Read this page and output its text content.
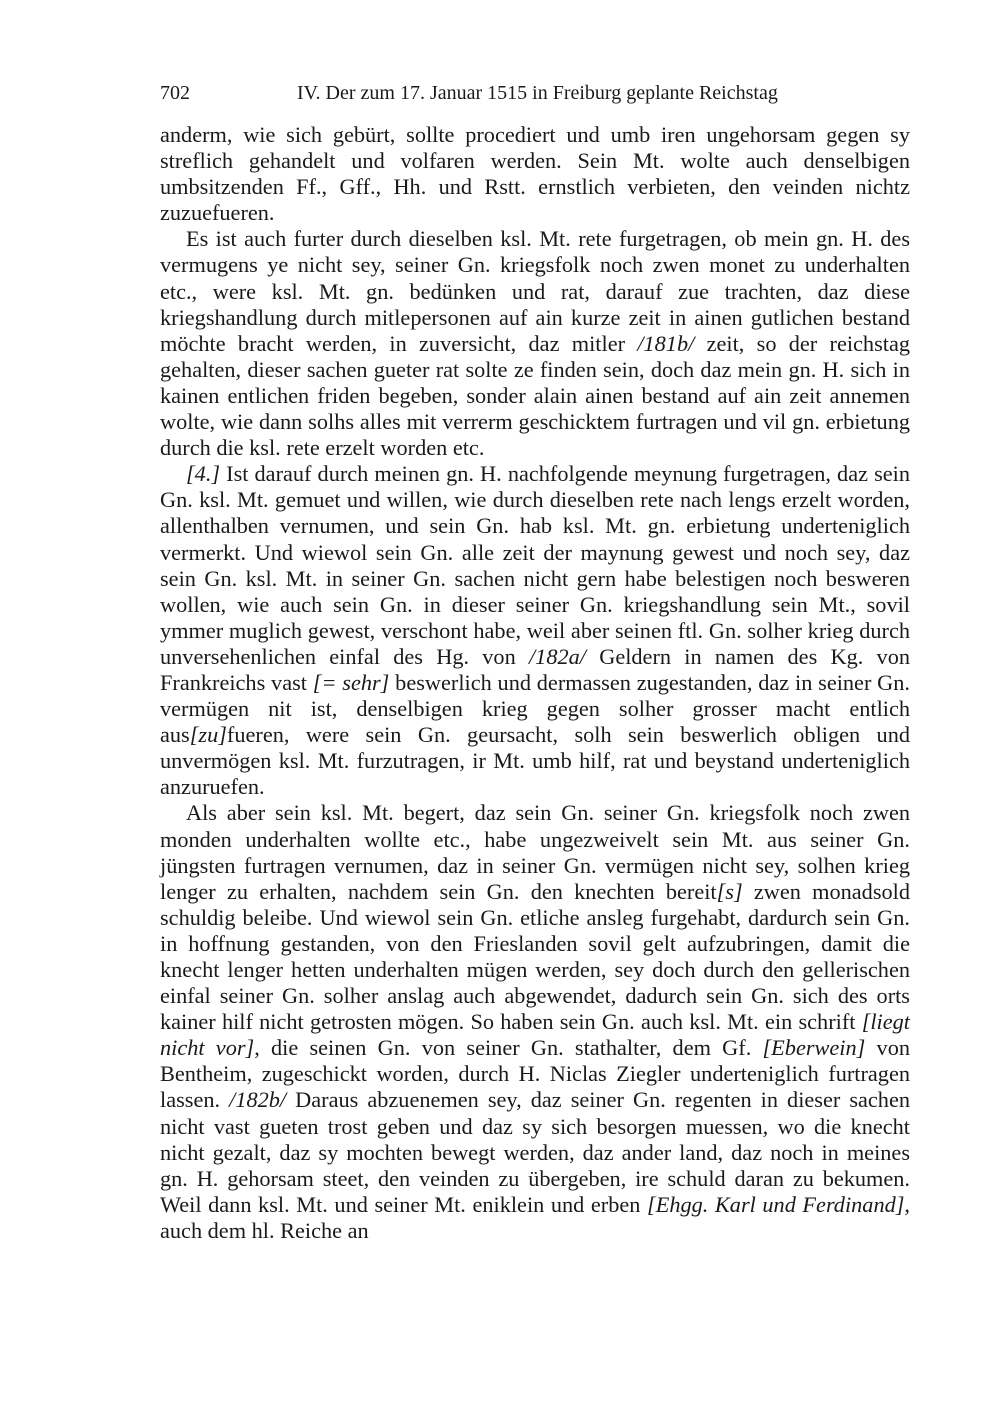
702	IV. Der zum 17. Januar 1515 in Freiburg geplante Reichstag

anderm, wie sich gebürt, sollte procediert und umb iren ungehorsam gegen sy streflich gehandelt und volfaren werden. Sein Mt. wolte auch denselbigen umbsitzenden Ff., Gff., Hh. und Rstt. ernstlich verbieten, den veinden nichtz zuzuefueren.

Es ist auch furter durch dieselben ksl. Mt. rete furgetragen, ob mein gn. H. des vermugens ye nicht sey, seiner Gn. kriegsfolk noch zwen monet zu underhalten etc., were ksl. Mt. gn. bedünken und rat, darauf zue trachten, daz diese kriegshandlung durch mitlepersonen auf ain kurze zeit in ainen gutlichen bestand möchte bracht werden, in zuversicht, daz mitler /181b/ zeit, so der reichstag gehalten, dieser sachen gueter rat solte ze finden sein, doch daz mein gn. H. sich in kainen entlichen friden begeben, sonder alain ainen bestand auf ain zeit annemen wolte, wie dann solhs alles mit verrerm geschicktem furtragen und vil gn. erbietung durch die ksl. rete erzelt worden etc.

[4.] Ist darauf durch meinen gn. H. nachfolgende meynung furgetragen, daz sein Gn. ksl. Mt. gemuet und willen, wie durch dieselben rete nach lengs erzelt worden, allenthalben vernumen, und sein Gn. hab ksl. Mt. gn. erbietung underteniglich vermerkt. Und wiewol sein Gn. alle zeit der maynung gewest und noch sey, daz sein Gn. ksl. Mt. in seiner Gn. sachen nicht gern habe belestigen noch besweren wollen, wie auch sein Gn. in dieser seiner Gn. kriegshandlung sein Mt., sovil ymmer muglich gewest, verschont habe, weil aber seinen ftl. Gn. solher krieg durch unversehenlichen einfal des Hg. von /182a/ Geldern in namen des Kg. von Frankreichs vast [= sehr] beswerlich und dermassen zugestanden, daz in seiner Gn. vermügen nit ist, denselbigen krieg gegen solher grosser macht entlich aus[zu]fueren, were sein Gn. geursacht, solh sein beswerlich obligen und unvermögen ksl. Mt. furzutragen, ir Mt. umb hilf, rat und beystand underteniglich anzuruefen.

Als aber sein ksl. Mt. begert, daz sein Gn. seiner Gn. kriegsfolk noch zwen monden underhalten wollte etc., habe ungezweivelt sein Mt. aus seiner Gn. jüngsten furtragen vernumen, daz in seiner Gn. vermügen nicht sey, solhen krieg lenger zu erhalten, nachdem sein Gn. den knechten bereit[s] zwen monadsold schuldig beleibe. Und wiewol sein Gn. etliche ansleg furgehabt, dardurch sein Gn. in hoffnung gestanden, von den Frieslanden sovil gelt aufzubringen, damit die knecht lenger hetten underhalten mügen werden, sey doch durch den gellerischen einfal seiner Gn. solher anslag auch abgewendet, dadurch sein Gn. sich des orts kainer hilf nicht getrosten mögen. So haben sein Gn. auch ksl. Mt. ein schrift [liegt nicht vor], die seinen Gn. von seiner Gn. stathalter, dem Gf. [Eberwein] von Bentheim, zugeschickt worden, durch H. Niclas Ziegler underteniglich furtragen lassen. /182b/ Daraus abzuenemen sey, daz seiner Gn. regenten in dieser sachen nicht vast gueten trost geben und daz sy sich besorgen muessen, wo die knecht nicht gezalt, daz sy mochten bewegt werden, daz ander land, daz noch in meines gn. H. gehorsam steet, den veinden zu übergeben, ire schuld daran zu bekumen. Weil dann ksl. Mt. und seiner Mt. eniklein und erben [Ehgg. Karl und Ferdinand], auch dem hl. Reiche an
